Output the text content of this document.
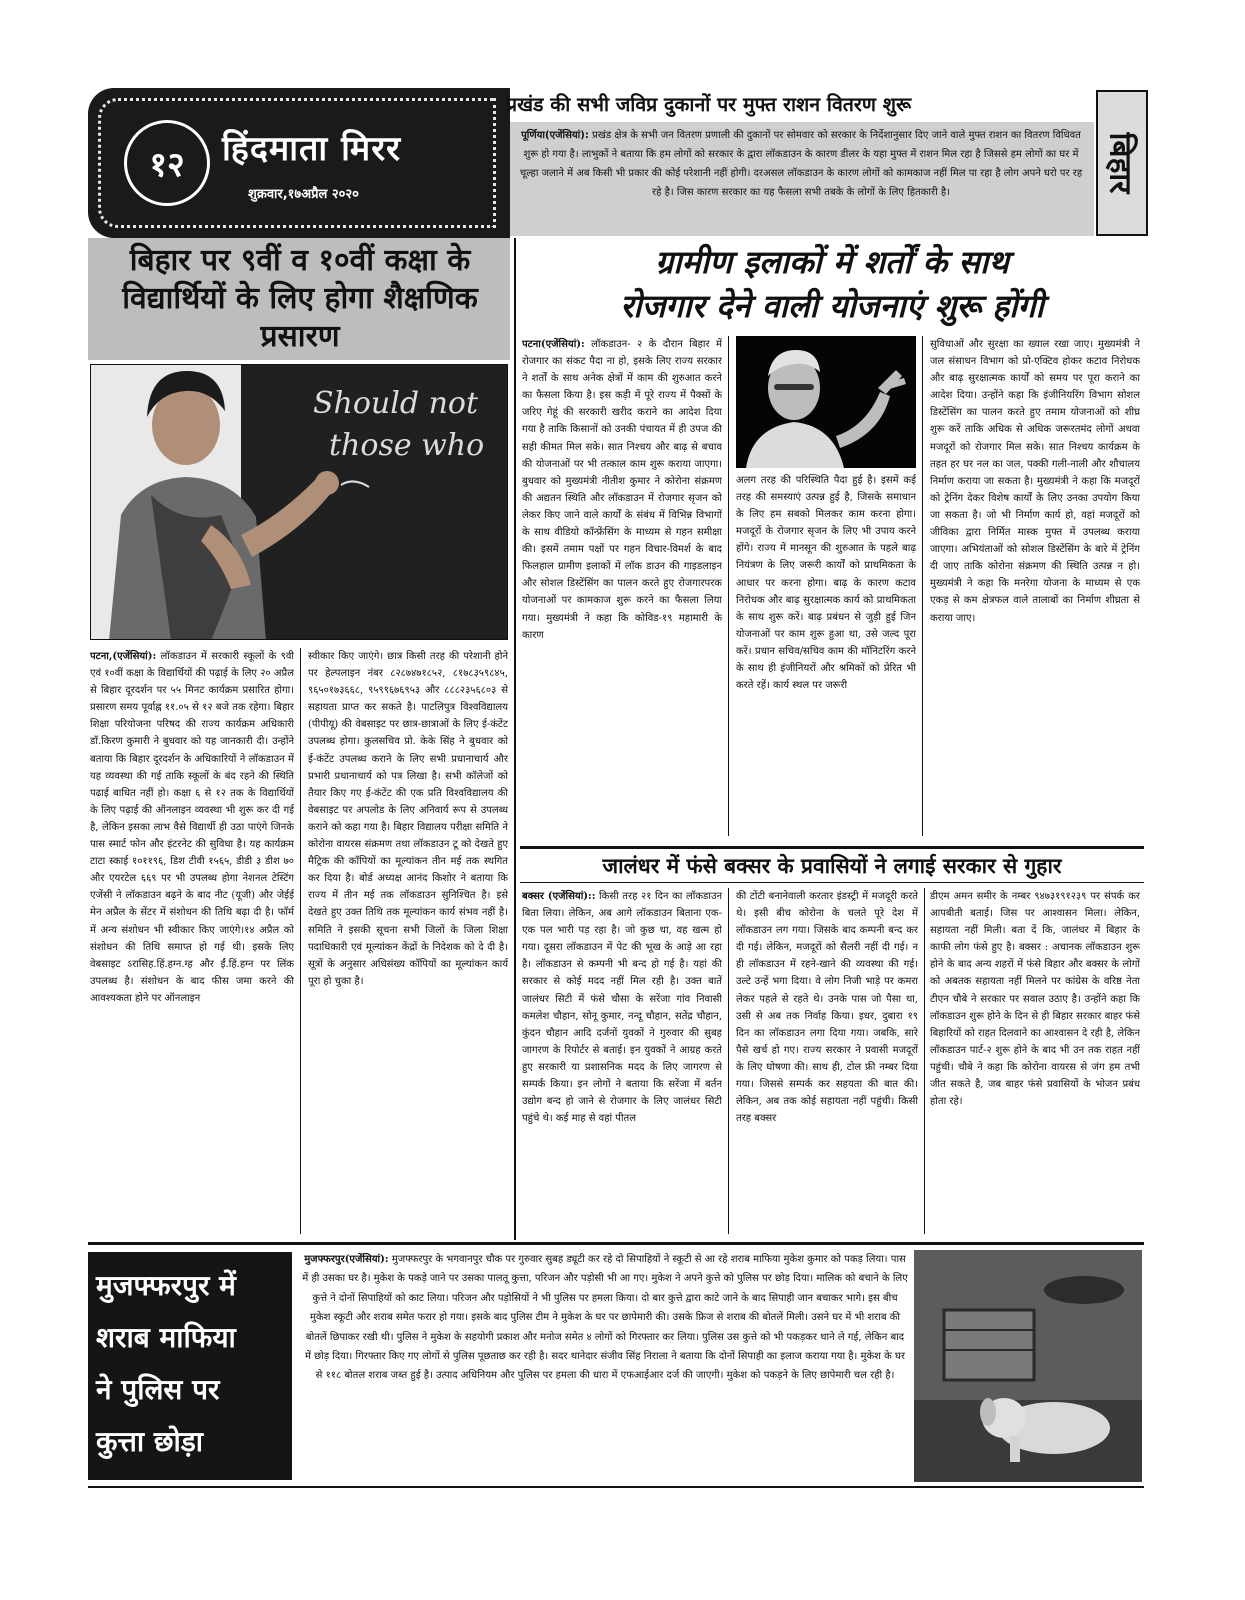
१२	हिंदमाता मिरर
शुक्रवार,१७अप्रैल २०२०
प्रखंड की सभी जविप्र दुकानों पर मुफ्त राशन वितरण शुरू
पूर्णिया(एजेंसियां): प्रखंड क्षेत्र के सभी जन वितरण प्रणाली की दुकानों पर सोमवार को सरकार के निर्देशानुसार दिए जाने वाले मुफ्त राशन का वितरण विधिवत शुरू हो गया है। लाभुकों ने बताया कि हम लोगों को सरकार के द्वारा लॉकडाउन के कारण डीलर के यहा मुफ्त में राशन मिल रहा है जिससे हम लोगों का घर में चूल्हा जलाने में अब किसी भी प्रकार की कोई परेशानी नहीं होगी। दरअसल लॉकडाउन के कारण लोगों को कामकाज नहीं मिल पा रहा है लोग अपने घरो पर रह रहे है। जिस कारण सरकार का यह फैसला सभी तबके के लोगों के लिए हितकारी है।	बिहार
बिहार पर ९वीं व १०वीं कक्षा के विद्यार्थियों के लिए होगा शैक्षणिक प्रसारण
Should not
those who
पटना,(एजेंसियां): लॉकडाउन में सरकारी स्कूलों के ९वी एवं १०वीं कक्षा के विद्यार्थियों की पढ़ाई के लिए २० अप्रैल से बिहार दूरदर्शन पर ५५ मिनट कार्यक्रम प्रसारित होगा। प्रसारण समय पूर्वाह्न ११.०५ से १२ बजे तक रहेगा। बिहार शिक्षा परियोजना परिषद की राज्य कार्यक्रम अधिकारी डॉ.किरण कुमारी ने बुधवार को यह जानकारी दी। उन्होंने बताया कि बिहार दूरदर्शन के अधिकारियों ने लॉकडाउन में यह व्यवस्था की गई ताकि स्कूलों के बंद रहने की स्थिति पढाई बाधित नहीं हो। कक्षा ६ से १२ तक के विद्यार्थियों के लिए पढ़ाई की ऑनलाइन व्यवस्था भी शुरू कर दी गई है, लेकिन इसका लाभ वैसे विद्यार्थी ही उठा पाएंगे जिनके पास स्मार्ट फोन और इंटरनेट की सुविधा है। यह कार्यक्रम टाटा स्काई १०११९६, डिश टीवी १५६५, डीडी ३ डीश ७० और एयरटेल ६६९ पर भी उपलब्ध होगा नेशनल टेस्टिंग एजेंसी ने लॉकडाउन बढ़ने के बाद नीट (यूजी) और जेईई मेन अप्रैल के सेंटर में संशोधन की तिथि बढ़ा दी है। फॉर्म में अन्य संशोधन भी स्वीकार किए जाएंगे।१४ अप्रैल को संशोधन की तिथि समाप्त हो गई थी। इसके लिए वेबसाइट ऽरासिह.हिं.हग्न.ग्ह और ईं.हिं.हग्न पर लिंक उपलब्ध है। संशोधन के बाद फीस जमा करने की आवश्यकता होने पर ऑनलाइन
स्वीकार किए जाएंगे। छात्र किसी तरह की परेशानी होने पर हेल्पलाइन नंबर ८२८७४७१८५२, ८१७८३५९८४५, ९६५०१७३६६८, ९५९९६७६९५३ और ८८८२३५६८०३ से सहायता प्राप्त कर सकते है। पाटलिपुत्र विश्वविद्यालय (पीपीयू) की वेबसाइट पर छात्र-छात्राओं के लिए ई-कंटेंट उपलब्ध होगा। कुलसचिव प्रो. केके सिंह ने बुधवार को ई-कंटेंट उपलब्ध कराने के लिए सभी प्रधानाचार्य और प्रभारी प्रधानाचार्य को पत्र लिखा है। सभी कॉलेजों को तैयार किए गए ई-कंटेंट की एक प्रति विश्वविद्यालय की वेबसाइट पर अपलोड के लिए अनिवार्य रूप से उपलब्ध कराने को कहा गया है। बिहार विद्यालय परीक्षा समिति ने कोरोना वायरस संक्रमण तथा लॉकडाउन टू को देखते हुए मैट्रिक की कॉपियों का मूल्यांकन तीन मई तक स्थगित कर दिया है। बोर्ड अध्यक्ष आनंद किशोर ने बताया कि राज्य में तीन मई तक लॉकडाउन सुनिश्चित है। इसे देखते हुए उक्त तिथि तक मूल्यांकन कार्य संभव नहीं है। समिति ने इसकी सूचना सभी जिलों के जिला शिक्षा पदाधिकारी एवं मूल्यांकन केंद्रों के निदेशक को दे दी है। सूत्रों के अनुसार अधिसंख्य कॉपियों का मूल्यांकन कार्य पूरा हो चुका है।
ग्रामीण इलाकों में शर्तों के साथ
रोजगार देने वाली योजनाएं शुरू होंगी
पटना(एजेंसियां): लॉकडाउन- २ के दौरान बिहार में रोजगार का संकट पैदा ना हो, इसके लिए राज्य सरकार ने शर्तों के साथ अनेक क्षेत्रों में काम की शुरुआत करने का फैसला किया है। इस कड़ी में पूरे राज्य में पैक्सों के जरिए गेहूं की सरकारी खरीद कराने का आदेश दिया गया है ताकि किसानों को उनकी पंचायत में ही उपज की सही कीमत मिल सके। सात निश्चय और बाढ़ से बचाव की योजनाओं पर भी तत्काल काम शुरू कराया जाएगा। बुधवार को मुख्यमंत्री नीतीश कुमार ने कोरोना संक्रमण की अद्यतन स्थिति और लॉकडाउन में रोजगार सृजन को लेकर किए जाने वाले कार्यों के संबंध में विभिन्न विभागों के साथ वीडियो कॉन्फ्रेंसिंग के माध्यम से गहन समीक्षा की। इसमें तमाम पक्षों पर गहन विचार-विमर्श के बाद फिलहाल ग्रामीण इलाकों में लॉक डाउन की गाइडलाइन और सोशल डिस्टेंसिंग का पालन करते हुए रोजगारपरक योजनाओं पर कामकाज शुरू करने का फैसला लिया गया। मुख्यमंत्री ने कहा कि कोविड-१९ महामारी के कारण
अलग तरह की परिस्थिति पैदा हुई है। इसमें कई तरह की समस्याएं उत्पन्न हुई है, जिसके समाधान के लिए हम सबको मिलकर काम करना होगा। मजदूरों के रोजगार सृजन के लिए भी उपाय करने होंगे। राज्य में मानसून की शुरुआत के पहले बाढ़ नियंत्रण के लिए जरूरी कार्यों को प्राथमिकता के आधार पर करना होगा। बाढ़ के कारण कटाव निरोधक और बाढ़ सुरक्षात्मक कार्य को प्राथमिकता के साथ शुरू करें। बाढ़ प्रबंधन से जुड़ी हुई जिन योजनाओं पर काम शुरू हुआ था, उसे जल्द पूरा करें। प्रधान सचिव/सचिव काम की मॉनिटरिंग करने के साथ ही इंजीनियरों और श्रमिकों को प्रेरित भी करते रहें। कार्य स्थल पर जरूरी
सुविधाओं और सुरक्षा का ख्याल रखा जाए। मुख्यमंत्री ने जल संसाधन विभाग को प्रो-एक्टिव होकर कटाव निरोधक और बाढ़ सुरक्षात्मक कार्यों को समय पर पूरा कराने का आदेश दिया। उन्होंने कहा कि इंजीनियरिंग विभाग सोशल डिस्टेंसिंग का पालन करते हुए तमाम योजनाओं को शीघ्र शुरू करें ताकि अधिक से अधिक जरूरतमंद लोगों अथवा मजदूरों को रोजगार मिल सके। सात निश्चय कार्यक्रम के तहत हर घर नल का जल, पक्की गली-नाली और शौचालय निर्माण कराया जा सकता है। मुख्यमंत्री ने कहा कि मजदूरों को ट्रेनिंग देकर विशेष कार्यों के लिए उनका उपयोग किया जा सकता है। जो भी निर्माण कार्य हो, वहां मजदूरों को जीविका द्वारा निर्मित मास्क मुफ्त में उपलब्ध कराया जाएगा। अभियंताओं को सोशल डिस्टेंसिंग के बारे में ट्रेनिंग दी जाए ताकि कोरोना संक्रमण की स्थिति उत्पन्न न हो। मुख्यमंत्री ने कहा कि मनरेगा योजना के माध्यम से एक एकड़ से कम क्षेत्रफल वाले तालाबों का निर्माण शीघ्रता से कराया जाए।
जालंधर में फंसे बक्सर के प्रवासियों ने लगाई सरकार से गुहार
बक्सर (एजेंसियां):: किसी तरह २१ दिन का लॉकडाउन बिता लिया। लेकिन, अब आगे लॉकडाउन बिताना एक-एक पल भारी पड़ रहा है। जो कुछ था, वह खत्म हो गया। दूसरा लॉकडाउन में पेट की भूख के आड़े आ रहा है। लॉकडाउन से कम्पनी भी बन्द हो गई है। यहां की सरकार से कोई मदद नहीं मिल रही है। उक्त बातें जालंधर सिटी में फंसे चौसा के सरेंजा गांव निवासी कमलेश चौहान, सोनू कुमार, नन्दू चौहान, सतेंद्र चौहान, कुंदन चौहान आदि दर्जनों युवकों ने गुरुवार की सुबह जागरण के रिपोर्टर से बताई। इन युवकों ने आग्रह करते हुए सरकारी या प्रशासनिक मदद के लिए जागरण से सम्पर्क किया। इन लोगों ने बताया कि सरेंजा में बर्तन उद्योग बन्द हो जाने से रोजगार के लिए जालंधर सिटी पहुंचे थे। कई माह से वहां पीतल
की टोंटी बनानेवाली करतार इंडस्ट्री में मजदूरी करते थे। इसी बीच कोरोना के चलते पूरे देश में लॉकडाउन लग गया। जिसके बाद कम्पनी बन्द कर दी गई। लेकिन, मजदूरों को सैलरी नहीं दी गई। न ही लॉकडाउन में रहने-खाने की व्यवस्था की गई। उल्टे उन्हें भगा दिया। वे लोग निजी भाड़े पर कमरा लेकर पहले से रहते थे। उनके पास जो पैसा था, उसी से अब तक निर्वाह किया। इधर, दुबारा १९ दिन का लॉकडाउन लगा दिया गया। जबकि, सारे पैसे खर्च हो गए। राज्य सरकार ने प्रवासी मजदूरों के लिए घोषणा की। साथ ही, टोल फ्री नम्बर दिया गया। जिससे सम्पर्क कर सहयता की बात की। लेकिन, अब तक कोई सहायता नहीं पहुंची। किसी तरह बक्सर
डीएम अमन समीर के नम्बर ९४७३१९१२३९ पर संपर्क कर आपबीती बताई। जिस पर आश्वासन मिला। लेकिन, सहायता नहीं मिली। बता दें कि, जालंधर में बिहार के काफी लोग फंसे हुए है। बक्सर : अचानक लॉकडाउन शुरू होने के बाद अन्य शहरों में फंसे बिहार और बक्सर के लोगों को अबतक सहायता नहीं मिलने पर कांग्रेस के वरिष्ठ नेता टीएन चौबे ने सरकार पर सवाल उठाए है। उन्होंने कहा कि लॉकडाउन शुरू होने के दिन से ही बिहार सरकार बाहर फंसे बिहारियों को राहत दिलवाने का आश्वासन दे रही है, लेकिन लॉकडाउन पार्ट-२ शुरू होने के बाद भी उन तक राहत नहीं पहुंची। चौबे ने कहा कि कोरोना वायरस से जंग हम तभी जीत सकते है, जब बाहर फंसे प्रवासियों के भोजन प्रबंध होता रहे।
मुजफ्फरपुर में
शराब माफिया
ने पुलिस पर
कुत्ता छोड़ा
मुजफ्फरपुर(एजेंसियां): मुजफ्फरपुर के भगवानपुर चौक पर गुरुवार सुबह ड्यूटी कर रहे दो सिपाहियों ने स्कूटी से आ रहे शराब माफिया मुकेश कुमार को पकड़ लिया। पास में ही उसका घर है। मुकेश के पकड़े जाने पर उसका पालतू कुत्ता, परिजन और पड़ोसी भी आ गए। मुकेश ने अपने कुत्ते को पुलिस पर छोड़ दिया। मालिक को बचाने के लिए कुत्ते ने दोनों सिपाहियों को काट लिया। परिजन और पड़ोसियों ने भी पुलिस पर हमला किया। दो बार कुत्ते द्वारा काटे जाने के बाद सिपाही जान बचाकर भागे। इस बीच मुकेश स्कूटी और शराब समेत फरार हो गया। इसके बाद पुलिस टीम ने मुकेश के घर पर छापेमारी की। उसके फ्रिज से शराब की बोतलें मिली। उसने घर में भी शराब की बोतलें छिपाकर रखी थी। पुलिस ने मुकेश के सहयोगी प्रकाश और मनोज समेत ४ लोगों को गिरफ्तार कर लिया। पुलिस उस कुत्ते को भी पकड़कर थाने ले गई, लेकिन बाद में छोड़ दिया। गिरफ्तार किए गए लोगों से पुलिस पूछताछ कर रही है। सदर थानेदार संजीव सिंह निराला ने बताया कि दोनों सिपाही का इलाज कराया गया है। मुकेश के घर से ११८ बोतल शराब जब्त हुई है। उत्पाद अधिनियम और पुलिस पर हमला की धारा में एफआईआर दर्ज की जाएगी। मुकेश को पकड़ने के लिए छापेमारी चल रही है।
